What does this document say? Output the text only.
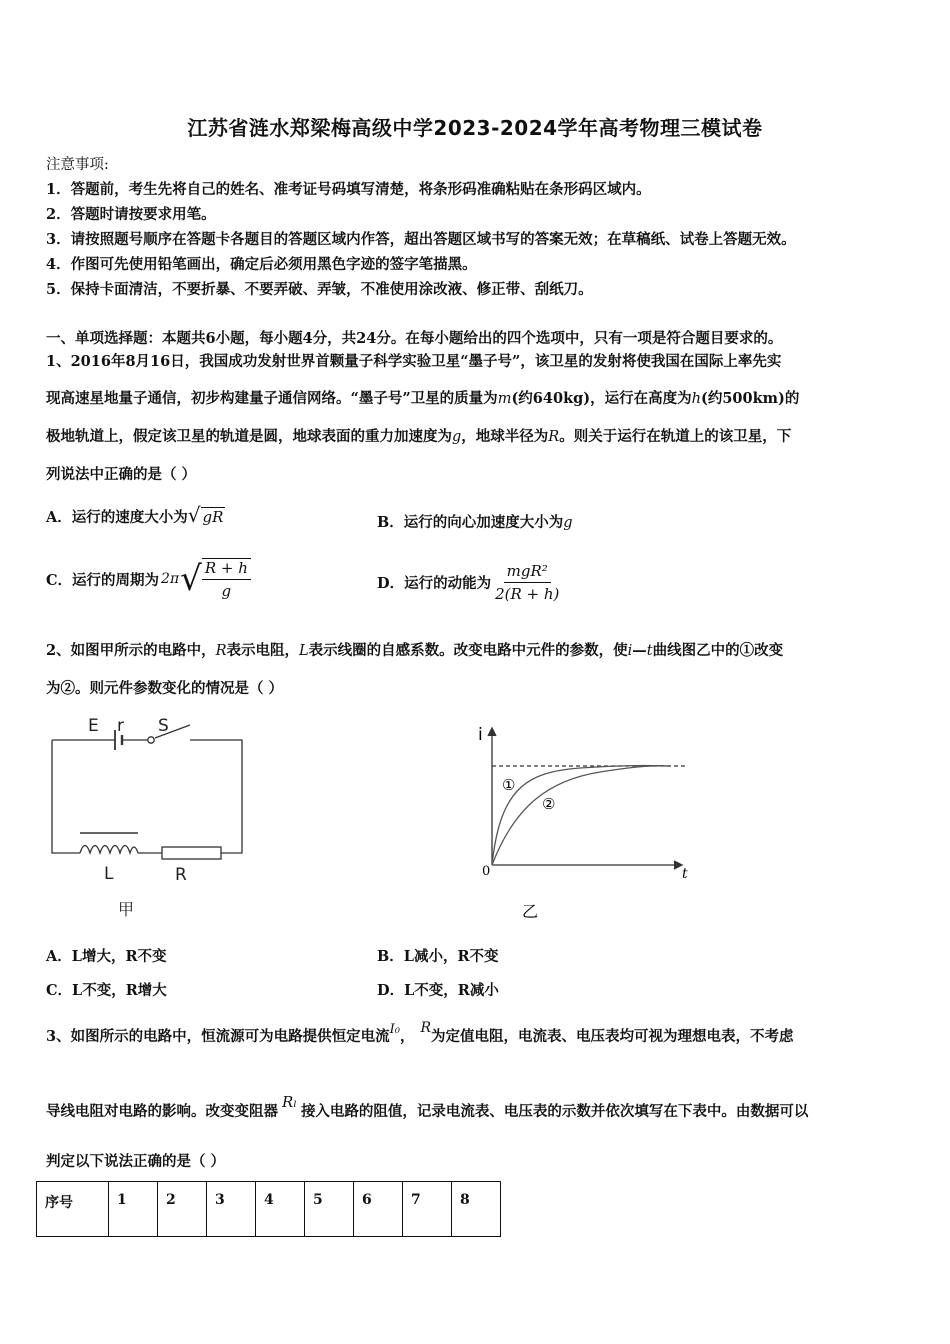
江苏省涟水郑梁梅高级中学2023-2024学年高考物理三模试卷
注意事项:
1．答题前，考生先将自己的姓名、准考证号码填写清楚，将条形码准确粘贴在条形码区域内。
2．答题时请按要求用笔。
3．请按照题号顺序在答题卡各题目的答题区域内作答，超出答题区域书写的答案无效；在草稿纸、试卷上答题无效。
4．作图可先使用铅笔画出，确定后必须用黑色字迹的签字笔描黑。
5．保持卡面清洁，不要折暴、不要弄破、弄皱，不准使用涂改液、修正带、刮纸刀。
一、单项选择题：本题共6小题，每小题4分，共24分。在每小题给出的四个选项中，只有一项是符合题目要求的。
1、2016年8月16日，我国成功发射世界首颗量子科学实验卫星“墨子号”，该卫星的发射将使我国在国际上率先实
现高速星地量子通信，初步构建量子通信网络。“墨子号”卫星的质量为m(约640kg)，运行在高度为h(约500km)的
极地轨道上，假定该卫星的轨道是圆，地球表面的重力加速度为g，地球半径为R。则关于运行在轨道上的该卫星，下
列说法中正确的是（ ）
A．运行的速度大小为√ gR	B．运行的向心加速度大小为g
C．运行的周期为 2π √ $\frac{R + h}{g}$	D．运行的动能为 $\frac{\text{mgR²}}{2(R + h)}$
2、如图甲所示的电路中，R表示电阻，L表示线圈的自感系数。改变电路中元件的参数，使i—t曲线图乙中的①改变
为②。则元件参数变化的情况是（ ）
E r S
L	R
甲
i
t
0
①
②
乙
A．L增大，R不变	B．L减小，R不变
C．L不变，R增大	D．L不变，R减小
3、如图所示的电路中，恒流源可为电路提供恒定电流I₀， R为定值电阻，电流表、电压表均可视为理想电表，不考虑
导线电阻对电路的影响。改变变阻器Rₗ接入电路的阻值，记录电流表、电压表的示数并依次填写在下表中。由数据可以
判定以下说法正确的是（ ）
序号	1	2	3	4	5	6	7	8
